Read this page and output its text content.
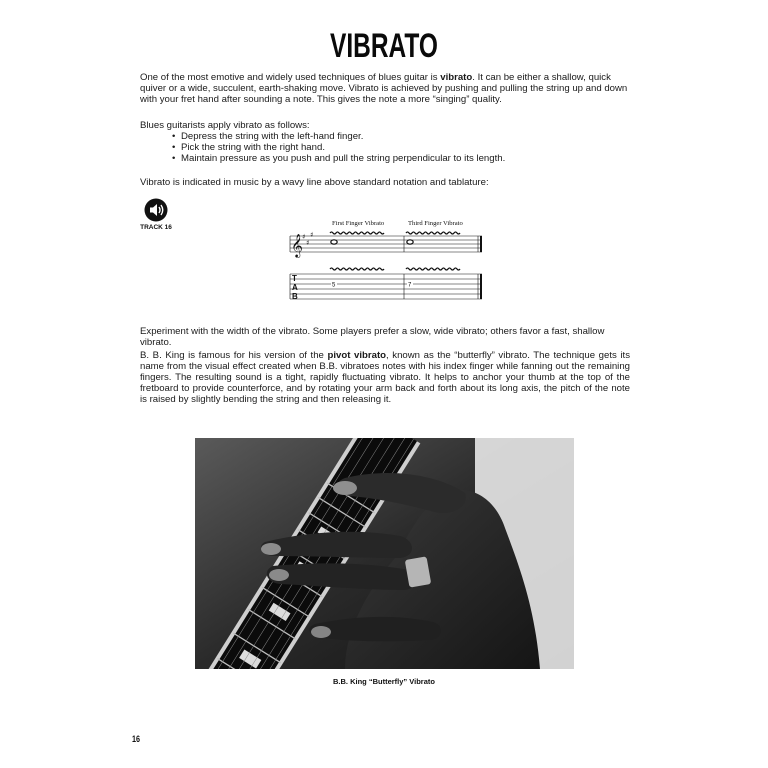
VIBRATO

One of the most emotive and widely used techniques of blues guitar is vibrato. It can be either a shallow, quick quiver or a wide, succulent, earth-shaking move. Vibrato is achieved by pushing and pulling the string up and down with your fret hand after sounding a note. This gives the note a more “singing” quality.

Blues guitarists apply vibrato as follows:

• Depress the string with the left-hand finger.
• Pick the string with the right hand.
• Maintain pressure as you push and pull the string perpendicular to its length.

Vibrato is indicated in music by a wavy line above standard notation and tablature:

TRACK 16
First Finger Vibrato	Third Finger Vibrato
𝄞 ♯
♯
♯
T
A
B
5	7

Experiment with the width of the vibrato. Some players prefer a slow, wide vibrato; others favor a fast, shallow vibrato.

B. B. King is famous for his version of the pivot vibrato, known as the “butterfly” vibrato. The technique gets its name from the visual effect created when B.B. vibratoes notes with his index finger while fanning out the remaining fingers. The resulting sound is a tight, rapidly fluctuating vibrato. It helps to anchor your thumb at the top of the fretboard to provide counterforce, and by rotating your arm back and forth about its long axis, the pitch of the note is raised by slightly bending the string and then releasing it.

B.B. King “Butterfly” Vibrato
16
